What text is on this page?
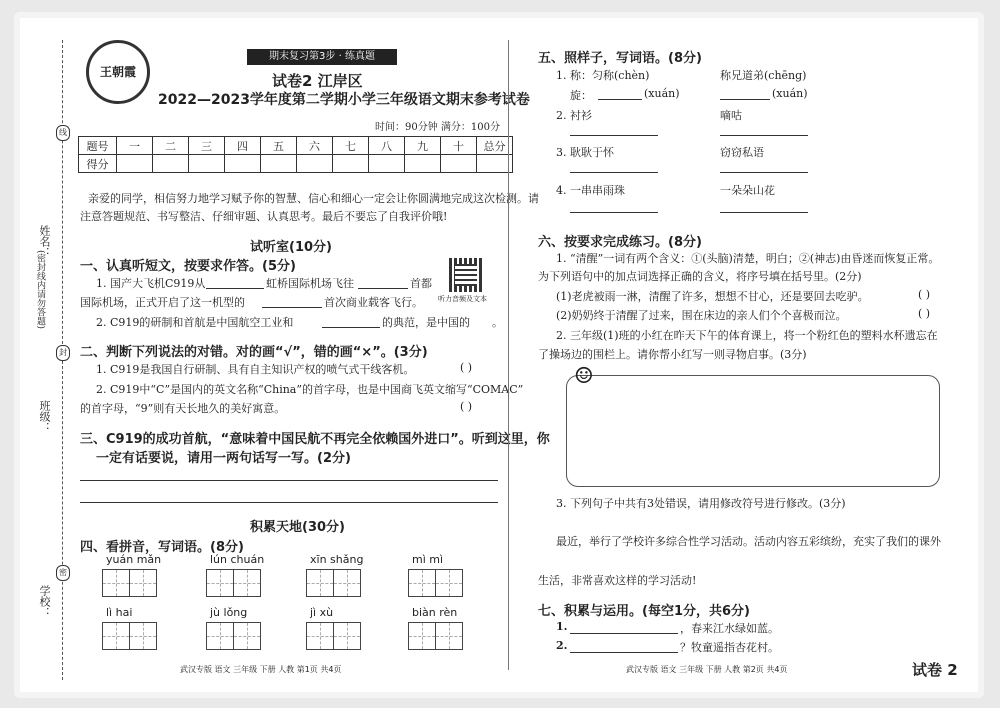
姓名：
(密封线内请勿答题)
班级：
学校：
线
封
密
王朝霞
期末复习第3步 · 练真题
试卷2 江岸区
2022—2023学年度第二学期小学三年级语文期末参考试卷
时间：90分钟 满分：100分
题号	一	二	三	四	五	六	七	八	九	十	总分
得分											
亲爱的同学，相信努力地学习赋予你的智慧、信心和细心一定会让你圆满地完成这次检测。请
注意答题规范、书写整洁、仔细审题、认真思考。最后不要忘了自我评价哦!
试听室(10分)
一、认真听短文，按要求作答。(5分)
1. 国产大飞机C919从	虹桥国际机场飞往	首都
国际机场，正式开启了这一机型的	首次商业载客飞行。
2. C919的研制和首航是中国航空工业和	的典范，是中国的 。
听力音频及文本
二、判断下列说法的对错。对的画“√”，错的画“×”。(3分)
1. C919是我国自行研制、具有自主知识产权的喷气式干线客机。	( )
2. C919中“C”是国内的英文名称“China”的首字母，也是中国商飞英文缩写“COMAC”
的首字母，“9”则有天长地久的美好寓意。	( )
三、C919的成功首航，“意味着中国民航不再完全依赖国外进口”。听到这里，你
一定有话要说，请用一两句话写一写。(2分)
积累天地(30分)
四、看拼音，写词语。(8分)
yuán mǎn	lún chuán	xīn shǎng	mì mì
lì hai	jù lǒng	jì xù	biàn rèn
武汉专版 语文 三年级 下册 人教 第1页 共4页
五、照样子，写词语。(8分)
1. 称：匀称(chèn)	称兄道弟(chēng)
旋：	(xuán)	(xuán)
2. 衬衫	嘀咕
3. 耿耿于怀	窃窃私语
4. 一串串雨珠	一朵朵山花
六、按要求完成练习。(8分)
1. “清醒”一词有两个含义：①(头脑)清楚，明白；②(神志)由昏迷而恢复正常。
为下列语句中的加点词选择正确的含义，将序号填在括号里。(2分)
(1)老虎被雨一淋，清醒了许多，想想不甘心，还是要回去吃驴。	( )
(2)奶奶终于清醒了过来，围在床边的亲人们个个喜极而泣。	( )
2. 三年级(1)班的小红在昨天下午的体育课上，将一个粉红色的塑料水杯遗忘在
了操场边的围栏上。请你帮小红写一则寻物启事。(3分)
☺
3. 下列句子中共有3处错误，请用修改符号进行修改。(3分)
最近，举行了学校许多综合性学习活动。活动内容五彩缤纷，充实了我们的课外
生活，非常喜欢这样的学习活动!
七、积累与运用。(每空1分，共6分)
1.	，春来江水绿如蓝。
2.	？牧童遥指杏花村。
武汉专版 语文 三年级 下册 人教 第2页 共4页	试卷 2
